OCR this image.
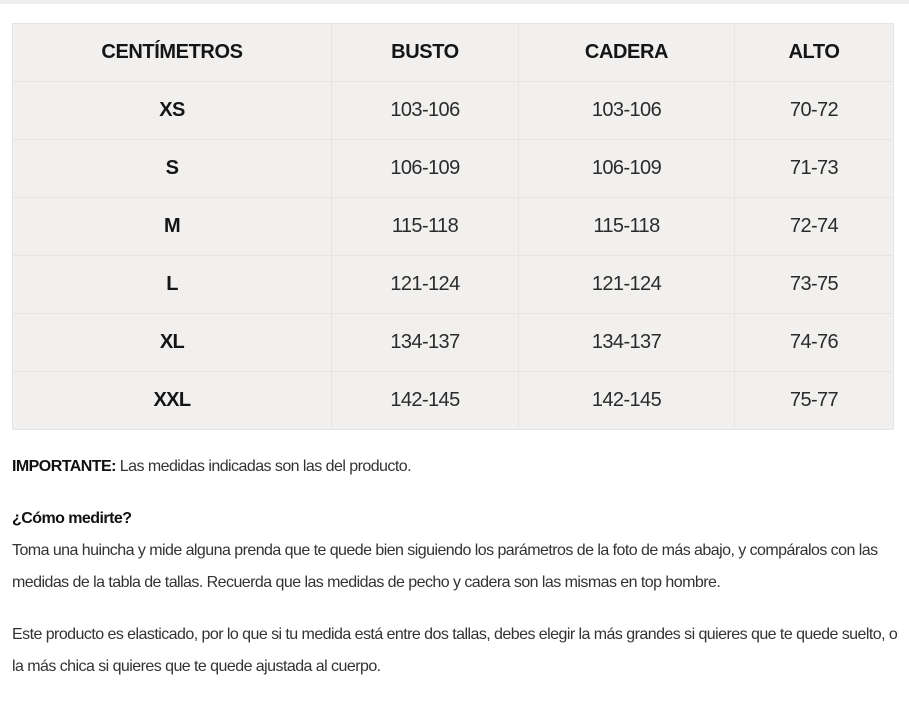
CENTÍMETROS	BUSTO	CADERA	ALTO
XS	103-106	103-106	70-72
S	106-109	106-109	71-73
M	115-118	115-118	72-74
L	121-124	121-124	73-75
XL	134-137	134-137	74-76
XXL	142-145	142-145	75-77

IMPORTANTE: Las medidas indicadas son las del producto.

¿Cómo medirte?
Toma una huincha y mide alguna prenda que te quede bien siguiendo los parámetros de la foto de más abajo, y compáralos con las medidas de la tabla de tallas. Recuerda que las medidas de pecho y cadera son las mismas en top hombre.

Este producto es elasticado, por lo que si tu medida está entre dos tallas, debes elegir la más grandes si quieres que te quede suelto, o la más chica si quieres que te quede ajustada al cuerpo.
